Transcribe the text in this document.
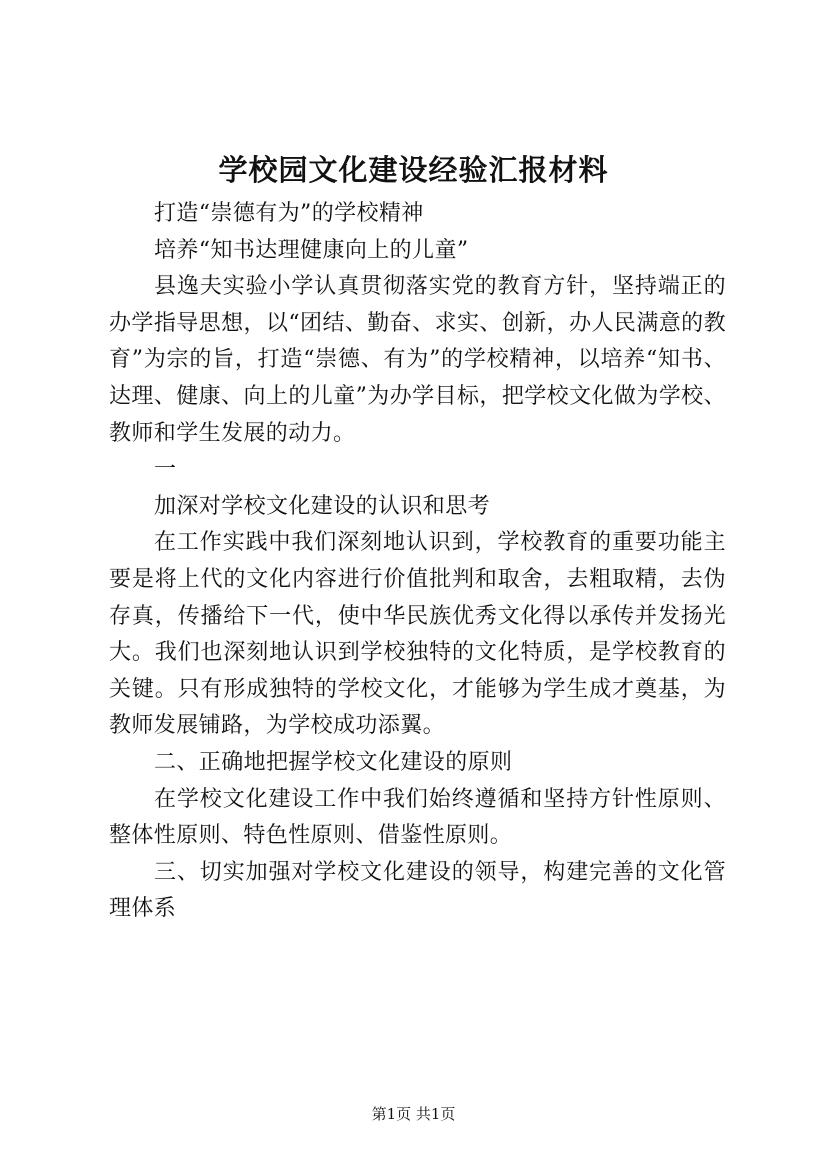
学校园文化建设经验汇报材料

打造“崇德有为”的学校精神

培养“知书达理健康向上的儿童”

县逸夫实验小学认真贯彻落实党的教育方针，坚持端正的办学指导思想，以“团结、勤奋、求实、创新，办人民满意的教育”为宗的旨，打造“崇德、有为”的学校精神，以培养“知书、达理、健康、向上的儿童”为办学目标，把学校文化做为学校、教师和学生发展的动力。

一

加深对学校文化建设的认识和思考

在工作实践中我们深刻地认识到，学校教育的重要功能主要是将上代的文化内容进行价值批判和取舍，去粗取精，去伪存真，传播给下一代，使中华民族优秀文化得以承传并发扬光大。我们也深刻地认识到学校独特的文化特质，是学校教育的关键。只有形成独特的学校文化，才能够为学生成才奠基，为教师发展铺路，为学校成功添翼。

二、正确地把握学校文化建设的原则

在学校文化建设工作中我们始终遵循和坚持方针性原则、整体性原则、特色性原则、借鉴性原则。

三、切实加强对学校文化建设的领导，构建完善的文化管理体系

第1页 共1页
